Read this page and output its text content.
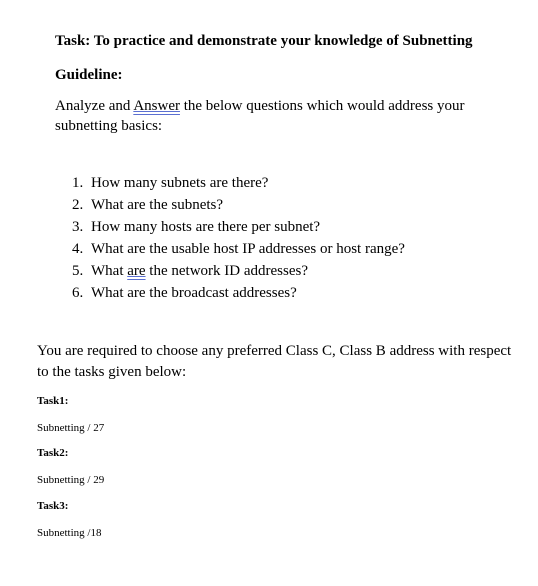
Task: To practice and demonstrate your knowledge of Subnetting
Guideline:
Analyze and Answer the below questions which would address your subnetting basics:
1. How many subnets are there?
2. What are the subnets?
3. How many hosts are there per subnet?
4. What are the usable host IP addresses or host range?
5. What are the network ID addresses?
6. What are the broadcast addresses?
You are required to choose any preferred Class C, Class B address with respect to the tasks given below:
Task1:
Subnetting / 27
Task2:
Subnetting / 29
Task3:
Subnetting /18
